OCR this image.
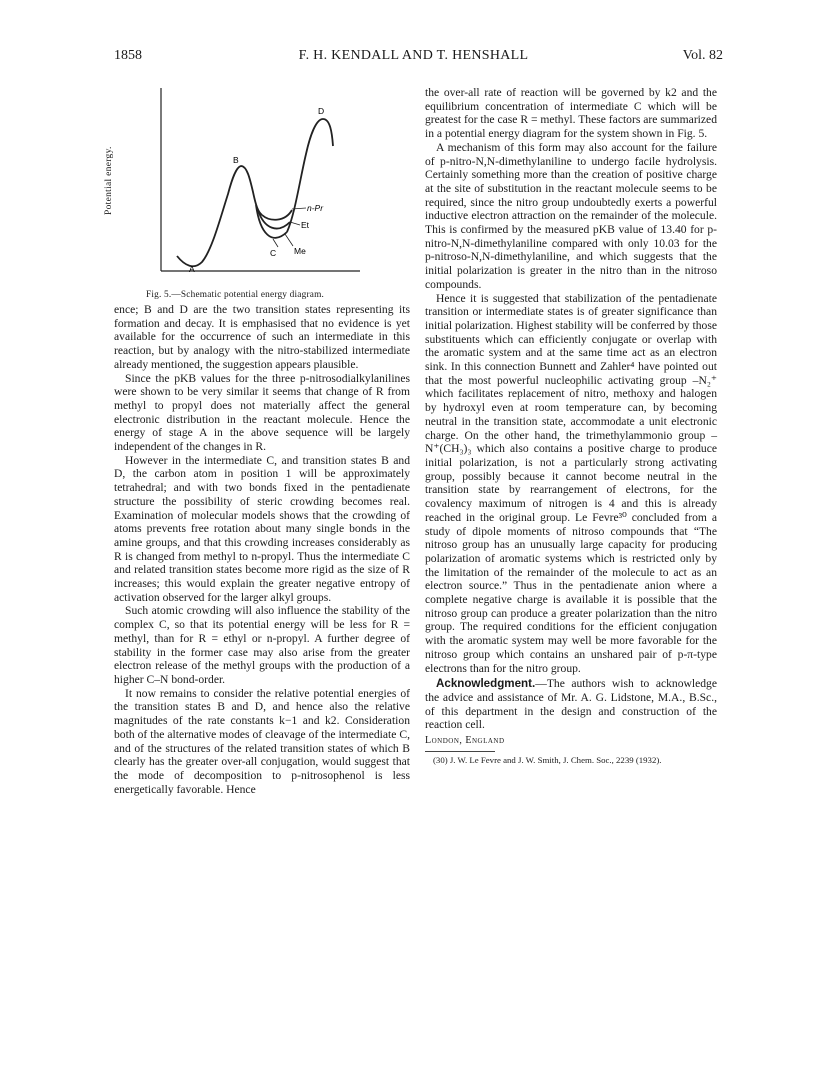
1858	F. H. KENDALL AND T. HENSHALL	Vol. 82
A
B
C
D
n-Pr
Et
Me
Potential energy.
Fig. 5.—Schematic potential energy diagram.

ence; B and D are the two transition states representing its formation and decay. It is emphasised that no evidence is yet available for the occurrence of such an intermediate in this reaction, but by analogy with the nitro-stabilized intermediate already mentioned, the suggestion appears plausible.

Since the pKB values for the three p-nitrosodialkylanilines were shown to be very similar it seems that change of R from methyl to propyl does not materially affect the general electronic distribution in the reactant molecule. Hence the energy of stage A in the above sequence will be largely independent of the changes in R.

However in the intermediate C, and transition states B and D, the carbon atom in position 1 will be approximately tetrahedral; and with two bonds fixed in the pentadienate structure the possibility of steric crowding becomes real. Examination of molecular models shows that the crowding of atoms prevents free rotation about many single bonds in the amine groups, and that this crowding increases considerably as R is changed from methyl to n-propyl. Thus the intermediate C and related transition states become more rigid as the size of R increases; this would explain the greater negative entropy of activation observed for the larger alkyl groups.

Such atomic crowding will also influence the stability of the complex C, so that its potential energy will be less for R = methyl, than for R = ethyl or n-propyl. A further degree of stability in the former case may also arise from the greater electron release of the methyl groups with the production of a higher C–N bond-order.

It now remains to consider the relative potential energies of the transition states B and D, and hence also the relative magnitudes of the rate constants k−1 and k2. Consideration both of the alternative modes of cleavage of the intermediate C, and of the structures of the related transition states of which B clearly has the greater over-all conjugation, would suggest that the mode of decomposition to p-nitrosophenol is less energetically favorable. Hence

the over-all rate of reaction will be governed by k2 and the equilibrium concentration of intermediate C which will be greatest for the case R = methyl. These factors are summarized in a potential energy diagram for the system shown in Fig. 5.

A mechanism of this form may also account for the failure of p-nitro-N,N-dimethylaniline to undergo facile hydrolysis. Certainly something more than the creation of positive charge at the site of substitution in the reactant molecule seems to be required, since the nitro group undoubtedly exerts a powerful inductive electron attraction on the remainder of the molecule. This is confirmed by the measured pKB value of 13.40 for p-nitro-N,N-dimethylaniline compared with only 10.03 for the p-nitroso-N,N-dimethylaniline, and which suggests that the initial polarization is greater in the nitro than in the nitroso compounds.

Hence it is suggested that stabilization of the pentadienate transition or intermediate states is of greater significance than initial polarization. Highest stability will be conferred by those substituents which can efficiently conjugate or overlap with the aromatic system and at the same time act as an electron sink. In this connection Bunnett and Zahler⁴ have pointed out that the most powerful nucleophilic activating group –N₂⁺ which facilitates replacement of nitro, methoxy and halogen by hydroxyl even at room temperature can, by becoming neutral in the transition state, accommodate a unit electronic charge. On the other hand, the trimethylammonio group –N⁺(CH₃)₃ which also contains a positive charge to produce initial polarization, is not a particularly strong activating group, possibly because it cannot become neutral in the transition state by rearrangement of electrons, for the covalency maximum of nitrogen is 4 and this is already reached in the original group. Le Fevre³⁰ concluded from a study of dipole moments of nitroso compounds that “The nitroso group has an unusually large capacity for producing polarization of aromatic systems which is restricted only by the limitation of the remainder of the molecule to act as an electron source.” Thus in the pentadienate anion where a complete negative charge is available it is possible that the nitroso group can produce a greater polarization than the nitro group. The required conditions for the efficient conjugation with the aromatic system may well be more favorable for the nitroso group which contains an unshared pair of p-π-type electrons than for the nitro group.

Acknowledgment.—The authors wish to acknowledge the advice and assistance of Mr. A. G. Lidstone, M.A., B.Sc., of this department in the design and construction of the reaction cell.

London, England

(30) J. W. Le Fevre and J. W. Smith, J. Chem. Soc., 2239 (1932).
